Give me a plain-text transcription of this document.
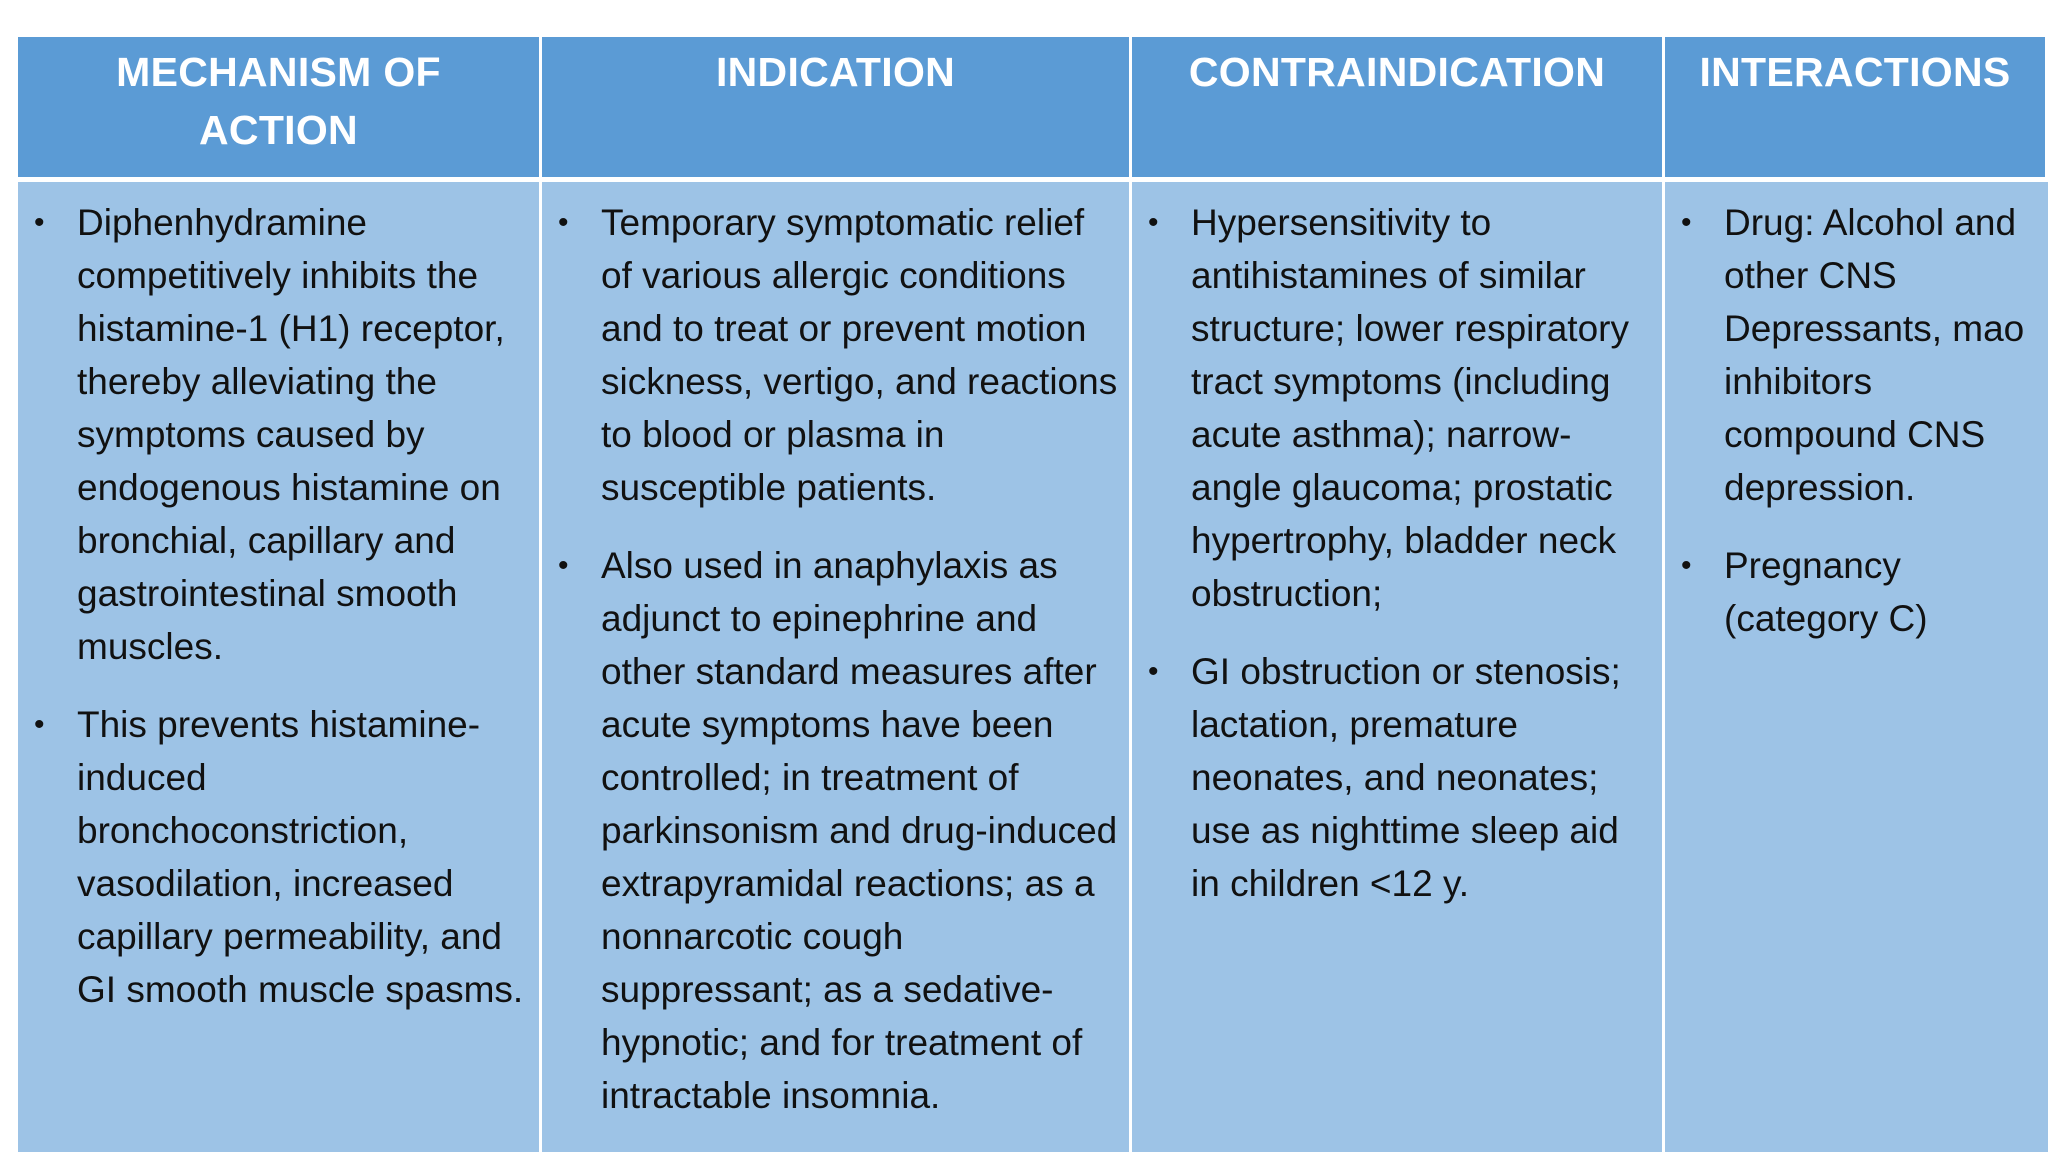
MECHANISM OF ACTION
INDICATION	CONTRAINDICATION	INTERACTIONS
• Diphenhydramine competitively inhibits the histamine-1 (H1) receptor, thereby alleviating the symptoms caused by endogenous histamine on bronchial, capillary and gastrointestinal smooth muscles.
• This prevents histamine-induced bronchoconstriction, vasodilation, increased capillary permeability, and GI smooth muscle spasms.
• Temporary symptomatic relief of various allergic conditions and to treat or prevent motion sickness, vertigo, and reactions to blood or plasma in susceptible patients.
• Also used in anaphylaxis as adjunct to epinephrine and other standard measures after acute symptoms have been controlled; in treatment of parkinsonism and drug-induced extrapyramidal reactions; as a nonnarcotic cough suppressant; as a sedative-hypnotic; and for treatment of intractable insomnia.
• Hypersensitivity to antihistamines of similar structure; lower respiratory tract symptoms (including acute asthma); narrow-angle glaucoma; prostatic hypertrophy, bladder neck obstruction;
• GI obstruction or stenosis; lactation, premature neonates, and neonates; use as nighttime sleep aid in children <12 y.
• Drug: Alcohol and other CNS Depressants, mao inhibitors compound CNS depression.
• Pregnancy (category C)
